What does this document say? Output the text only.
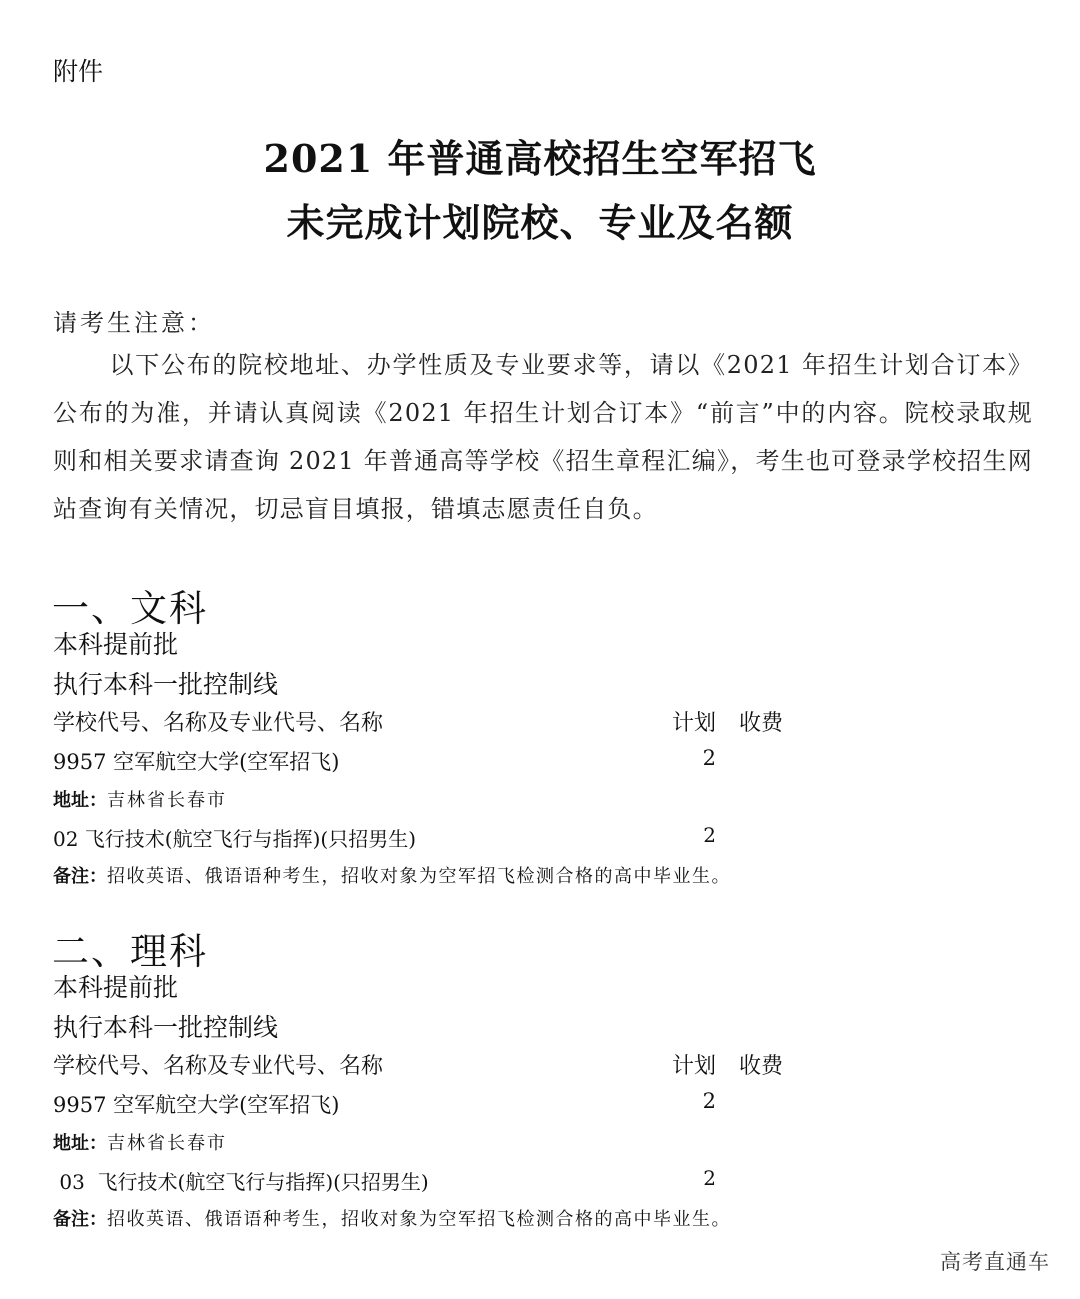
附件
2021 年普通高校招生空军招飞
未完成计划院校、专业及名额
请考生注意：
以下公布的院校地址、办学性质及专业要求等，请以《2021 年招生计划合订本》公布的为准，并请认真阅读《2021 年招生计划合订本》“前言”中的内容。院校录取规则和相关要求请查询 2021 年普通高等学校《招生章程汇编》，考生也可登录学校招生网站查询有关情况，切忌盲目填报，错填志愿责任自负。
一、文科
本科提前批
执行本科一批控制线
学校代号、名称及专业代号、名称	计划 收费
9957 空军航空大学(空军招飞)	2
地址：吉林省长春市
02 飞行技术(航空飞行与指挥)(只招男生)	2
备注：招收英语、俄语语种考生，招收对象为空军招飞检测合格的高中毕业生。
二、理科
本科提前批
执行本科一批控制线
学校代号、名称及专业代号、名称	计划 收费
9957 空军航空大学(空军招飞)	2
地址：吉林省长春市
03  飞行技术(航空飞行与指挥)(只招男生)	2
备注：招收英语、俄语语种考生，招收对象为空军招飞检测合格的高中毕业生。
高考直通车
